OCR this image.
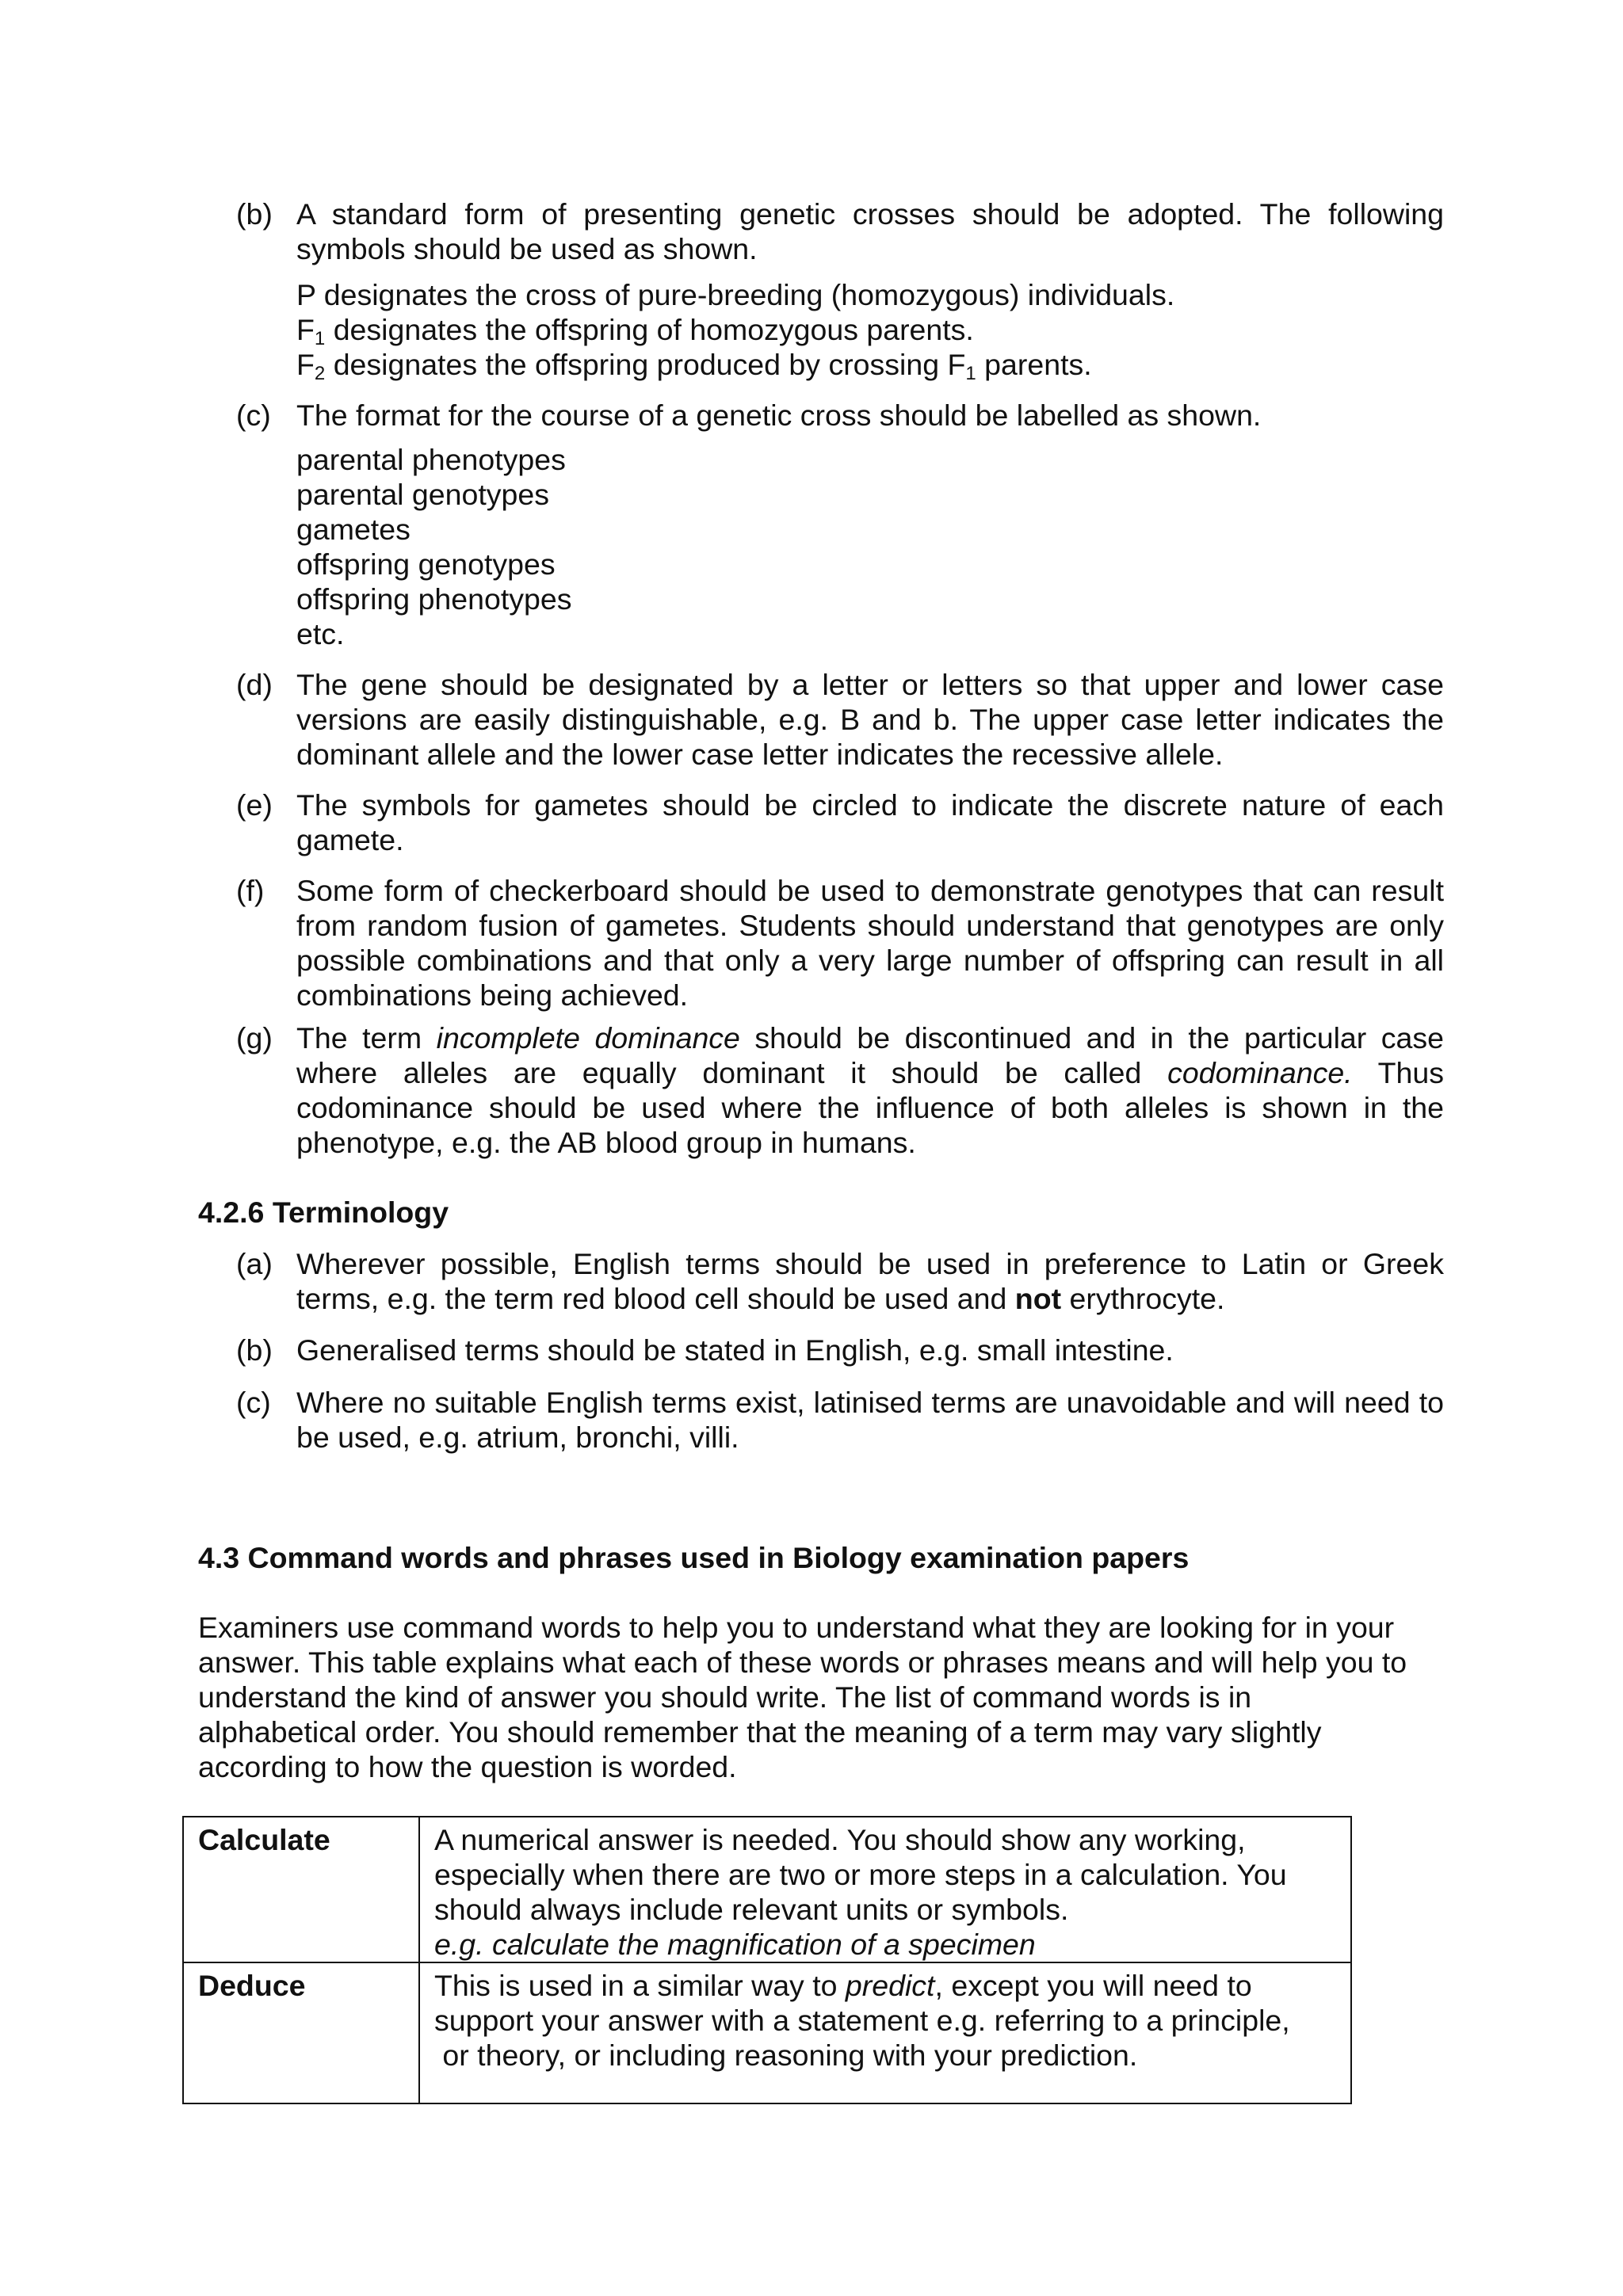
(b) A standard form of presenting genetic crosses should be adopted. The following symbols should be used as shown.
P designates the cross of pure-breeding (homozygous) individuals.
$F_1$ designates the offspring of homozygous parents.
$F_2$ designates the offspring produced by crossing $F_1$ parents.
(c) The format for the course of a genetic cross should be labelled as shown.
parental phenotypes
parental genotypes
gametes
offspring genotypes
offspring phenotypes
etc.
(d) The gene should be designated by a letter or letters so that upper and lower case versions are easily distinguishable, e.g. B and b. The upper case letter indicates the dominant allele and the lower case letter indicates the recessive allele.
(e) The symbols for gametes should be circled to indicate the discrete nature of each gamete.
(f) Some form of checkerboard should be used to demonstrate genotypes that can result from random fusion of gametes. Students should understand that genotypes are only possible combinations and that only a very large number of offspring can result in all combinations being achieved.
(g) The term incomplete dominance should be discontinued and in the particular case where alleles are equally dominant it should be called codominance. Thus codominance should be used where the influence of both alleles is shown in the phenotype, e.g. the AB blood group in humans.
4.2.6 Terminology
(a) Wherever possible, English terms should be used in preference to Latin or Greek terms, e.g. the term red blood cell should be used and not erythrocyte.
(b) Generalised terms should be stated in English, e.g. small intestine.
(c) Where no suitable English terms exist, latinised terms are unavoidable and will need to be used, e.g. atrium, bronchi, villi.
4.3 Command words and phrases used in Biology examination papers
Examiners use command words to help you to understand what they are looking for in your
answer. This table explains what each of these words or phrases means and will help you to
understand the kind of answer you should write. The list of command words is in
alphabetical order. You should remember that the meaning of a term may vary slightly
according to how the question is worded.
Calculate	A numerical answer is needed. You should show any working,
especially when there are two or more steps in a calculation. You
should always include relevant units or symbols.
e.g. calculate the magnification of a specimen

Deduce	This is used in a similar way to predict, except you will need to
support your answer with a statement e.g. referring to a principle,
or theory, or including reasoning with your prediction.
